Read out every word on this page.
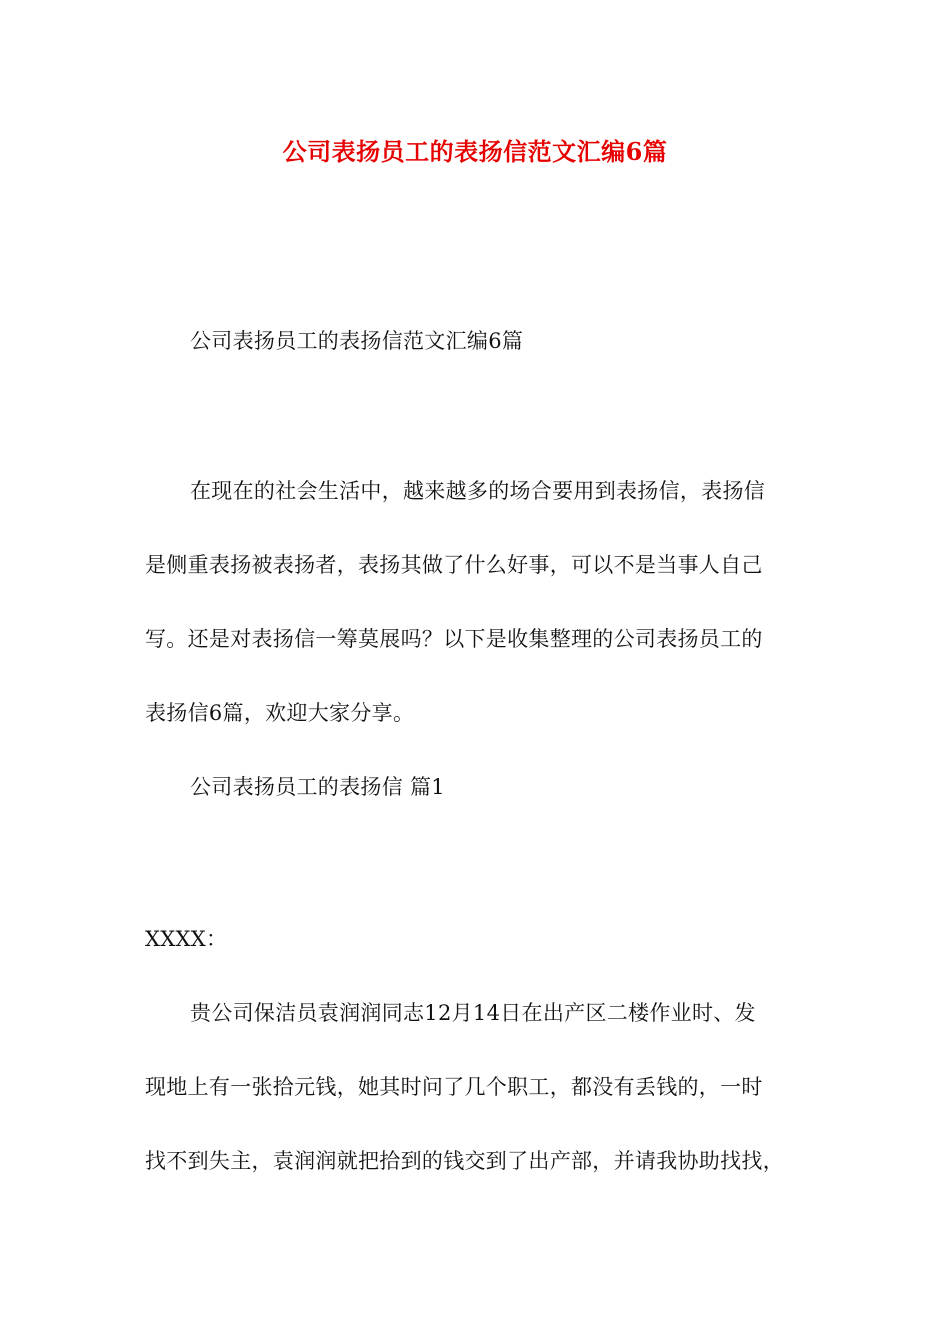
公司表扬员工的表扬信范文汇编6篇
公司表扬员工的表扬信范文汇编6篇
在现在的社会生活中，越来越多的场合要用到表扬信，表扬信
是侧重表扬被表扬者，表扬其做了什么好事，可以不是当事人自己
写。还是对表扬信一筹莫展吗？以下是收集整理的公司表扬员工的
表扬信6篇，欢迎大家分享。
公司表扬员工的表扬信 篇1
XXXX：
贵公司保洁员袁润润同志12月14日在出产区二楼作业时、发
现地上有一张拾元钱，她其时问了几个职工，都没有丢钱的，一时
找不到失主，袁润润就把拾到的钱交到了出产部，并请我协助找找，
